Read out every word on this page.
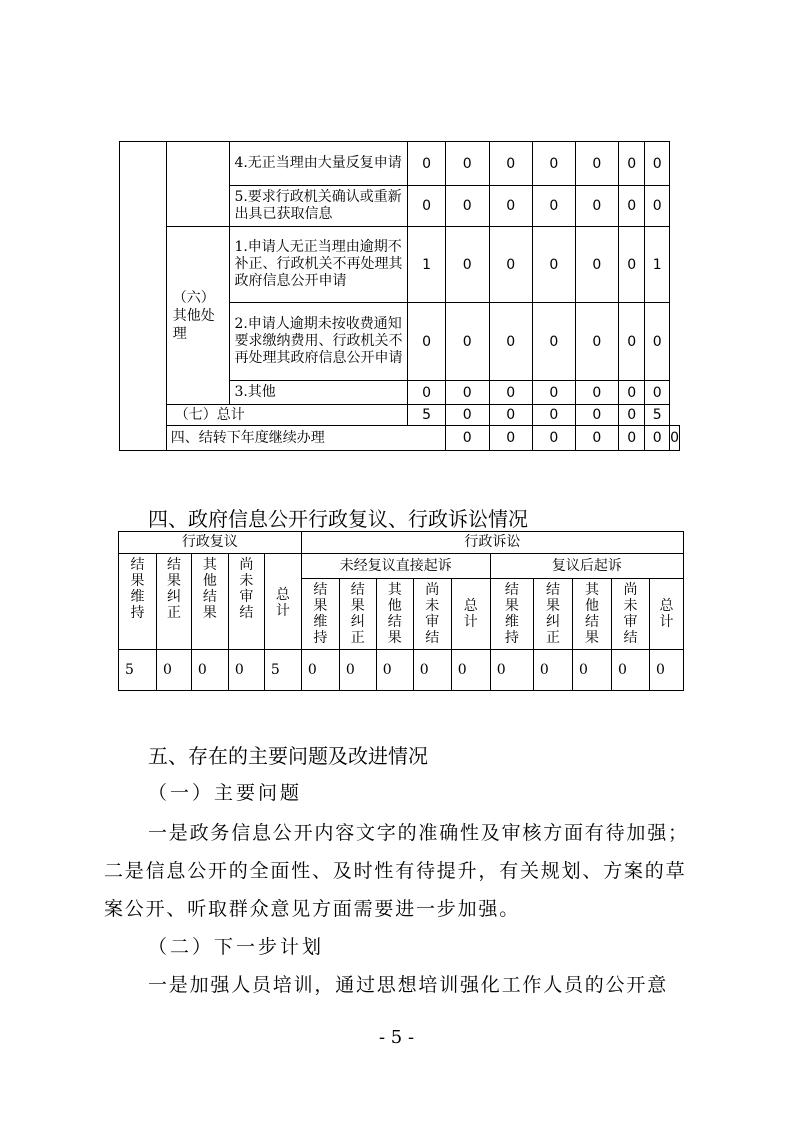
		4.无正当理由大量反复申请	0	0	0	0	0	0	0	
		5.要求行政机关确认或重新出具已获取信息	0	0	0	0	0	0	0	
	（六）其他处理	1.申请人无正当理由逾期不补正、行政机关不再处理其政府信息公开申请	1	0	0	0	0	0	1	
		2.申请人逾期未按收费通知要求缴纳费用、行政机关不再处理其政府信息公开申请	0	0	0	0	0	0	0	
		3.其他	0	0	0	0	0	0	0	
	（七）总计		5	0	0	0	0	0	5	
	四、结转下年度继续办理			0	0	0	0	0	0	0
四、政府信息公开行政复议、行政诉讼情况
行政复议					行政诉讼									
结果维持	结果纠正	其他结果	尚未审结	总计	未经复议直接起诉					复议后起诉				
					结果维持	结果纠正	其他结果	尚未审结	总计	结果维持	结果纠正	其他结果	尚未审结	总计
5	0	0	0	5	0	0	0	0	0	0	0	0	0	0
五、存在的主要问题及改进情况
（一）主要问题
一是政务信息公开内容文字的准确性及审核方面有待加强；
二是信息公开的全面性、及时性有待提升，有关规划、方案的草
案公开、听取群众意见方面需要进一步加强。
（二）下一步计划
一是加强人员培训，通过思想培训强化工作人员的公开意
- 5 -
